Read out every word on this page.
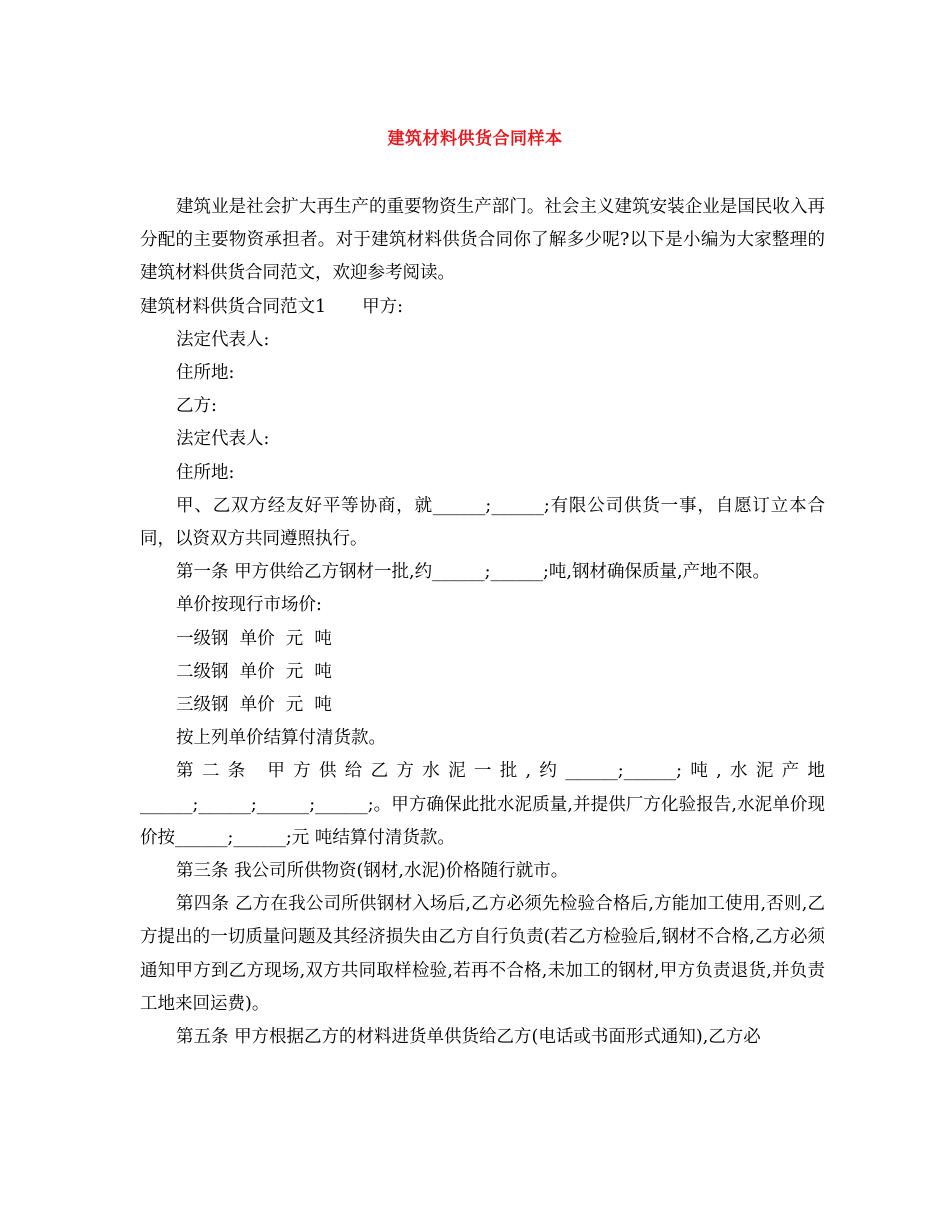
建筑材料供货合同样本

建筑业是社会扩大再生产的重要物资生产部门。社会主义建筑安装企业是国民收入再分配的主要物资承担者。对于建筑材料供货合同你了解多少呢?以下是小编为大家整理的建筑材料供货合同范文，欢迎参考阅读。

建筑材料供货合同范文1 甲方:

法定代表人:

住所地:

乙方:

法定代表人:

住所地:

甲、乙双方经友好平等协商，就______;______;有限公司供货一事，自愿订立本合同，以资双方共同遵照执行。

第一条 甲方供给乙方钢材一批,约______;______;吨,钢材确保质量,产地不限。

单价按现行市场价:

一级钢  单价  元  吨

二级钢  单价  元  吨

三级钢  单价  元  吨

按上列单价结算付清货款。

第二条 甲方供给乙方水泥一批,约______;______;吨,水泥产地______;______;______;______;。甲方确保此批水泥质量,并提供厂方化验报告,水泥单价现价按______;______;元 吨结算付清货款。

第三条 我公司所供物资(钢材,水泥)价格随行就市。

第四条 乙方在我公司所供钢材入场后,乙方必须先检验合格后,方能加工使用,否则,乙方提出的一切质量问题及其经济损失由乙方自行负责(若乙方检验后,钢材不合格,乙方必须通知甲方到乙方现场,双方共同取样检验,若再不合格,未加工的钢材,甲方负责退货,并负责工地来回运费)。

第五条 甲方根据乙方的材料进货单供货给乙方(电话或书面形式通知),乙方必
